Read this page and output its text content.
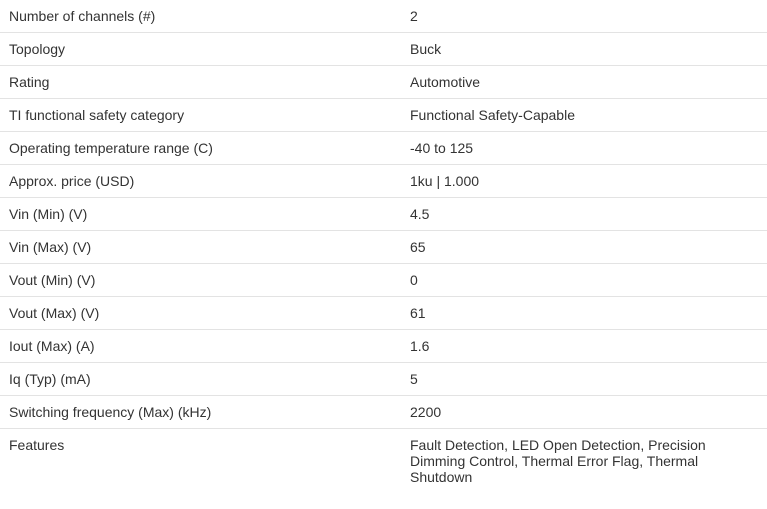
Number of channels (#)	2

Topology	Buck

Rating	Automotive

TI functional safety category	Functional Safety-Capable

Operating temperature range (C)	-40 to 125

Approx. price (USD)	1ku | 1.000

Vin (Min) (V)	4.5

Vin (Max) (V)	65

Vout (Min) (V)	0

Vout (Max) (V)	61

Iout (Max) (A)	1.6

Iq (Typ) (mA)	5

Switching frequency (Max) (kHz)	2200

Features	Fault Detection, LED Open Detection, Precision Dimming Control, Thermal Error Flag, Thermal Shutdown
